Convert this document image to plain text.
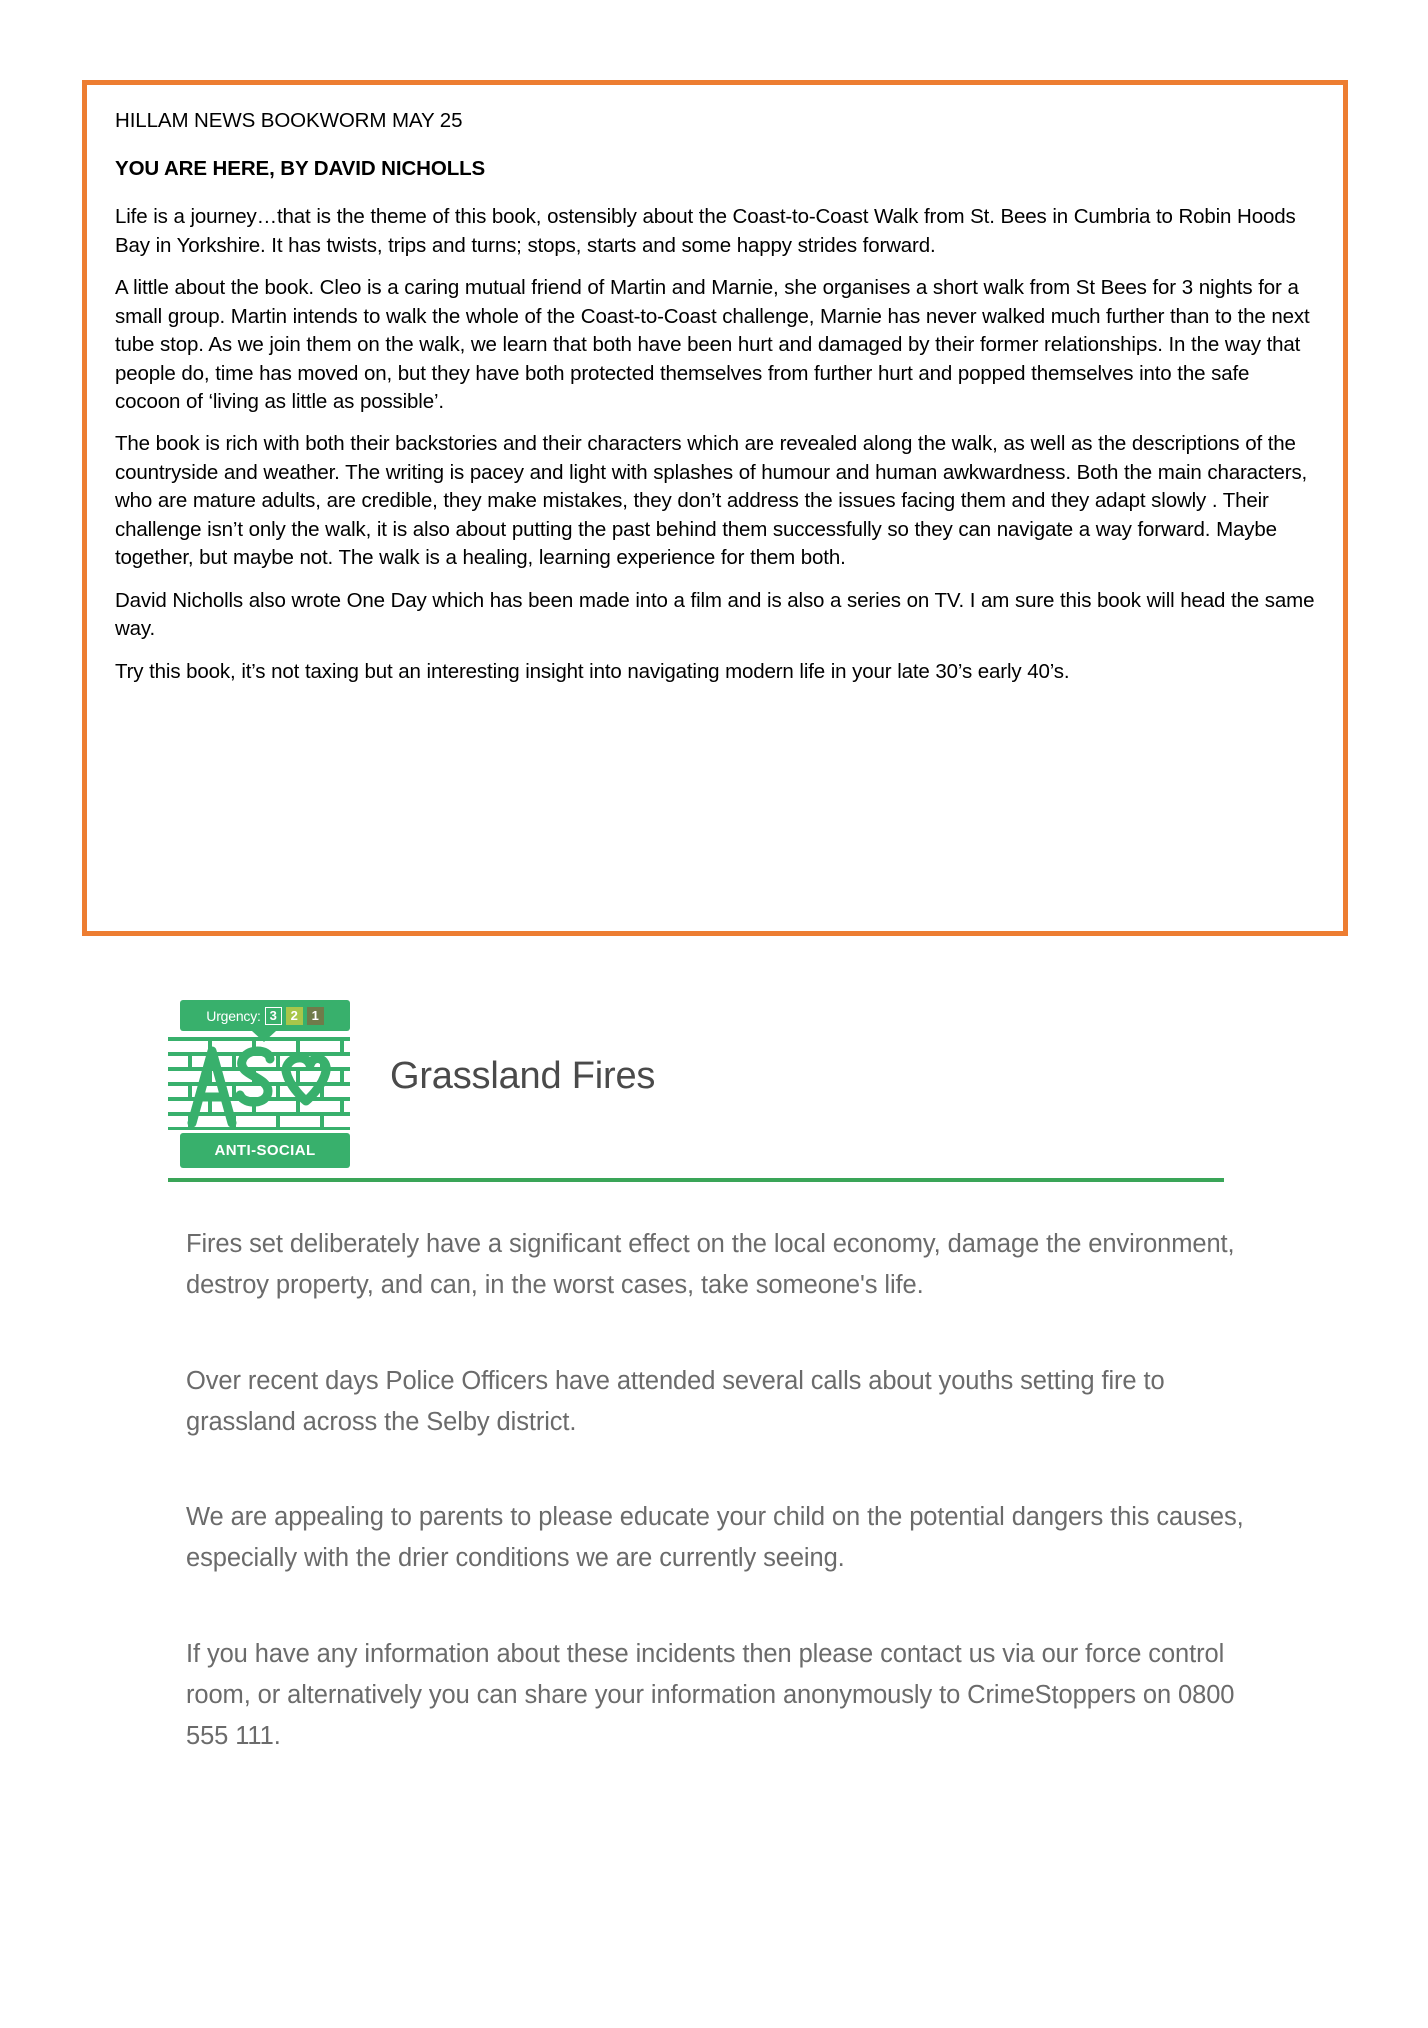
HILLAM NEWS BOOKWORM MAY 25

YOU ARE HERE, BY DAVID NICHOLLS

Life is a journey…that is the theme of this book, ostensibly about the Coast-to-Coast Walk from St. Bees in Cumbria to Robin Hoods Bay in Yorkshire. It has twists, trips and turns; stops, starts and some happy strides forward.

A little about the book. Cleo is a caring mutual friend of Martin and Marnie, she organises a short walk from St Bees for 3 nights for a small group. Martin intends to walk the whole of the Coast-to-Coast challenge, Marnie has never walked much further than to the next tube stop. As we join them on the walk, we learn that both have been hurt and damaged by their former relationships. In the way that people do, time has moved on, but they have both protected themselves from further hurt and popped themselves into the safe cocoon of ‘living as little as possible’.

The book is rich with both their backstories and their characters which are revealed along the walk, as well as the descriptions of the countryside and weather. The writing is pacey and light with splashes of humour and human awkwardness. Both the main characters, who are mature adults, are credible, they make mistakes, they don’t address the issues facing them and they adapt slowly . Their challenge isn’t only the walk, it is also about putting the past behind them successfully so they can navigate a way forward. Maybe together, but maybe not. The walk is a healing, learning experience for them both.

David Nicholls also wrote One Day which has been made into a film and is also a series on TV. I am sure this book will head the same way.

Try this book, it’s not taxing but an interesting insight into navigating modern life in your late 30’s early 40’s.

Urgency: 3	2	1
ANTI-SOCIAL
Grassland Fires

Fires set deliberately have a significant effect on the local economy, damage the environment, destroy property, and can, in the worst cases, take someone's life.

Over recent days Police Officers have attended several calls about youths setting fire to grassland across the Selby district.

We are appealing to parents to please educate your child on the potential dangers this causes, especially with the drier conditions we are currently seeing.

If you have any information about these incidents then please contact us via our force control room, or alternatively you can share your information anonymously to CrimeStoppers on 0800 555 111.
